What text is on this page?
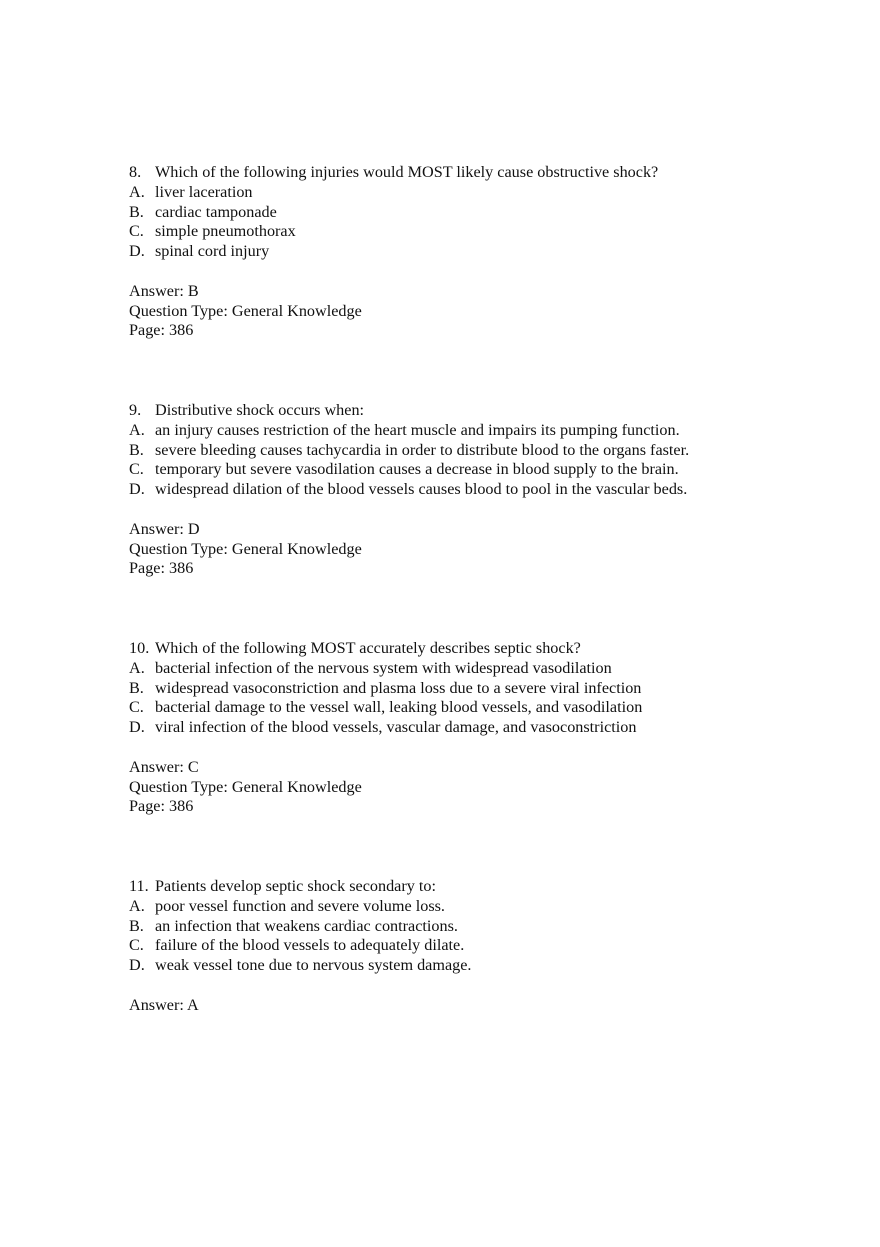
8. Which of the following injuries would MOST likely cause obstructive shock?
A. liver laceration
B. cardiac tamponade
C. simple pneumothorax
D. spinal cord injury
Answer: B
Question Type: General Knowledge
Page: 386
9. Distributive shock occurs when:
A. an injury causes restriction of the heart muscle and impairs its pumping function.
B. severe bleeding causes tachycardia in order to distribute blood to the organs faster.
C. temporary but severe vasodilation causes a decrease in blood supply to the brain.
D. widespread dilation of the blood vessels causes blood to pool in the vascular beds.
Answer: D
Question Type: General Knowledge
Page: 386
10. Which of the following MOST accurately describes septic shock?
A. bacterial infection of the nervous system with widespread vasodilation
B. widespread vasoconstriction and plasma loss due to a severe viral infection
C. bacterial damage to the vessel wall, leaking blood vessels, and vasodilation
D. viral infection of the blood vessels, vascular damage, and vasoconstriction
Answer: C
Question Type: General Knowledge
Page: 386
11. Patients develop septic shock secondary to:
A. poor vessel function and severe volume loss.
B. an infection that weakens cardiac contractions.
C. failure of the blood vessels to adequately dilate.
D. weak vessel tone due to nervous system damage.
Answer: A
